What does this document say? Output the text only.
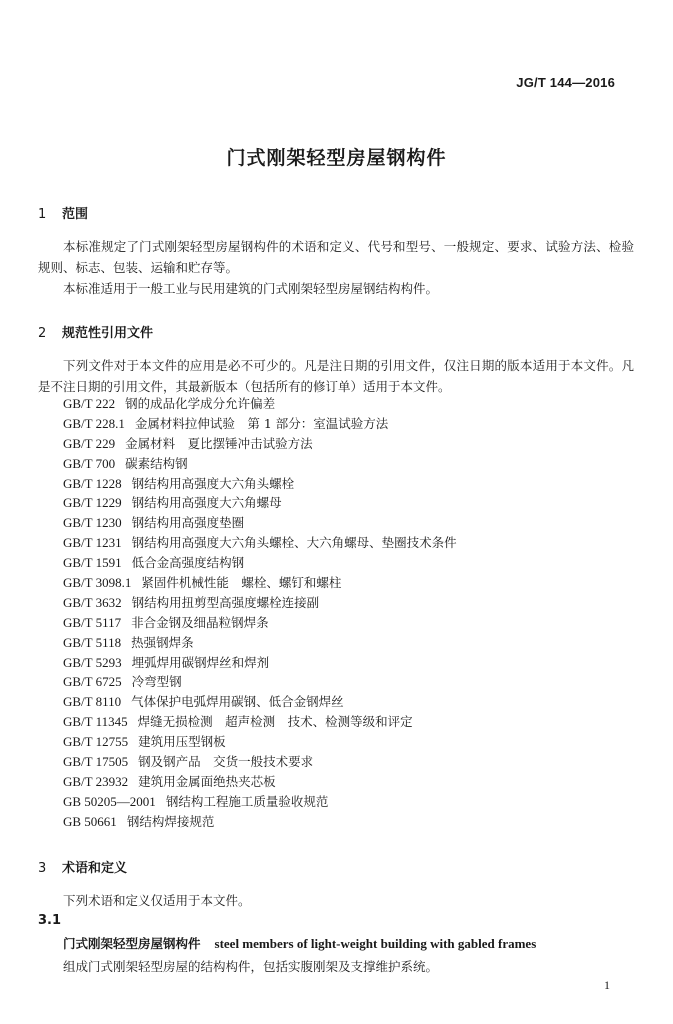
JG/T 144—2016
门式刚架轻型房屋钢构件
1 范围

本标准规定了门式刚架轻型房屋钢构件的术语和定义、代号和型号、一般规定、要求、试验方法、检验规则、标志、包装、运输和贮存等。

本标准适用于一般工业与民用建筑的门式刚架轻型房屋钢结构构件。

2 规范性引用文件

下列文件对于本文件的应用是必不可少的。凡是注日期的引用文件，仅注日期的版本适用于本文件。凡是不注日期的引用文件，其最新版本（包括所有的修订单）适用于本文件。

GB/T 222 钢的成品化学成分允许偏差
GB/T 228.1 金属材料拉伸试验　第 1 部分：室温试验方法
GB/T 229 金属材料　夏比摆锤冲击试验方法
GB/T 700 碳素结构钢
GB/T 1228 钢结构用高强度大六角头螺栓
GB/T 1229 钢结构用高强度大六角螺母
GB/T 1230 钢结构用高强度垫圈
GB/T 1231 钢结构用高强度大六角头螺栓、大六角螺母、垫圈技术条件
GB/T 1591 低合金高强度结构钢
GB/T 3098.1 紧固件机械性能　螺栓、螺钉和螺柱
GB/T 3632 钢结构用扭剪型高强度螺栓连接副
GB/T 5117 非合金钢及细晶粒钢焊条
GB/T 5118 热强钢焊条
GB/T 5293 埋弧焊用碳钢焊丝和焊剂
GB/T 6725 冷弯型钢
GB/T 8110 气体保护电弧焊用碳钢、低合金钢焊丝
GB/T 11345 焊缝无损检测　超声检测　技术、检测等级和评定
GB/T 12755 建筑用压型钢板
GB/T 17505 钢及钢产品　交货一般技术要求
GB/T 23932 建筑用金属面绝热夹芯板
GB 50205—2001 钢结构工程施工质量验收规范
GB 50661 钢结构焊接规范
3 术语和定义

下列术语和定义仅适用于本文件。

3.1
门式刚架轻型房屋钢构件 steel members of light-weight building with gabled frames
组成门式刚架轻型房屋的结构构件，包括实腹刚架及支撑维护系统。
1
